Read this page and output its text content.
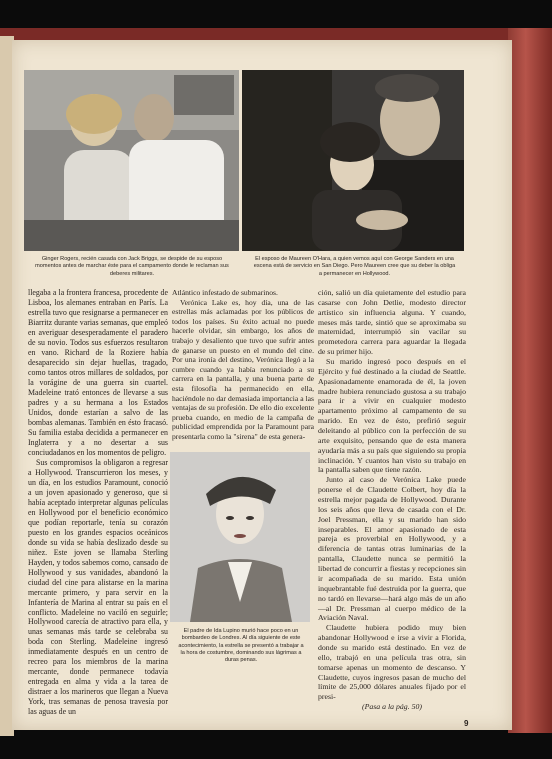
Ginger Rogers, recién casada con Jack Briggs, se despide de su esposo momentos antes de marchar éste para el campamento donde le reclaman sus deberes militares.
El esposo de Maureen O'Hara, a quien vemos aquí con George Sanders en una escena está de servicio en San Diego. Pero Maureen cree que su deber la obliga a permanecer en Hollywood.

llegaba a la frontera francesa, procedente de Lisboa, los alemanes entraban en París. La estrella tuvo que resignarse a permanecer en Biarritz durante varias semanas, que empleó en averiguar desesperadamente el paradero de su novio. Todos sus esfuerzos resultaron en vano. Richard de la Roziere había desaparecido sin dejar huellas, tragado, como tantos otros millares de soldados, por la vorágine de una guerra sin cuartel. Madeleine trató entonces de llevarse a sus padres y a su hermana a los Estados Unidos, donde estarían a salvo de las bombas alemanas. También en ésto fracasó. Su familia estaba decidida a permanecer en Inglaterra y a no desertar a sus conciudadanos en los momentos de peligro.

Sus compromisos la obligaron a regresar a Hollywood. Transcurrieron los meses, y un día, en los estudios Paramount, conoció a un joven apasionado y generoso, que si había aceptado interpretar algunas películas en Hollywood por el beneficio económico que podían reportarle, tenía su corazón puesto en los grandes espacios oceánicos donde su vida se había deslizado desde su niñez. Este joven se llamaba Sterling Hayden, y todos sabemos como, cansado de Hollywood y sus vanidades, abandonó la ciudad del cine para alistarse en la marina mercante primero, y para servir en la Infantería de Marina al entrar su país en el conflicto. Madeleine no vaciló en seguirle; Hollywood carecía de atractivo para ella, y unas semanas más tarde se celebraba su boda con Sterling. Madeleine ingresó inmediatamente después en un centro de recreo para los miembros de la marina mercante, donde permanece todavía entregada en alma y vida a la tarea de distraer a los marineros que llegan a Nueva York, tras semanas de penosa travesía por las aguas de un

Atlántico infestado de submarinos.

Verónica Lake es, hoy día, una de las estrellas más aclamadas por los públicos de todos los países. Su éxito actual no puede hacerle olvidar, sin embargo, los años de trabajo y desaliento que tuvo que sufrir antes de ganarse un puesto en el mundo del cine. Por una ironía del destino, Verónica llegó a la cumbre cuando ya había renunciado a su carrera en la pantalla, y una buena parte de esta filosofía ha permanecido en ella, haciéndole no dar demasiada importancia a las ventajas de su profesión. De ello dio excelente prueba cuando, en medio de la campaña de publicidad emprendida por la Paramount para presentarla como la "sirena" de esta genera-

El padre de Ida Lupino murió hace poco en un bombardeo de Londres. Al día siguiente de este acontecimiento, la estrella se presentó a trabajar a la hora de costumbre, dominando sus lágrimas a duras penas.

ción, salió un día quietamente del estudio para casarse con John Detlie, modesto director artístico sin influencia alguna. Y cuando, meses más tarde, sintió que se aproximaba su maternidad, interrumpió sin vacilar su prometedora carrera para aguardar la llegada de su primer hijo.

Su marido ingresó poco después en el Ejército y fué destinado a la ciudad de Seattle. Apasionadamente enamorada de él, la joven madre hubiera renunciado gustosa a su trabajo para ir a vivir en cualquier modesto apartamento próximo al campamento de su marido. En vez de ésto, prefirió seguir deleitando al público con la perfección de su arte exquisito, pensando que de esta manera ayudaría más a su país que siguiendo su propia inclinación. Y cuantos han visto su trabajo en la pantalla saben que tiene razón.

Junto al caso de Verónica Lake puede ponerse el de Claudette Colbert, hoy día la estrella mejor pagada de Hollywood. Durante los seis años que lleva de casada con el Dr. Joel Pressman, ella y su marido han sido inseparables. El amor apasionado de esta pareja es proverbial en Hollywood, y a diferencia de tantas otras luminarias de la pantalla, Claudette nunca se permitió la libertad de concurrir a fiestas y recepciones sin ir acompañada de su marido. Esta unión inquebrantable fué destruida por la guerra, que no tardó en llevarse—hará algo más de un año—al Dr. Pressman al cuerpo médico de la Aviación Naval.

Claudette hubiera podido muy bien abandonar Hollywood e irse a vivir a Florida, donde su marido está destinado. En vez de ello, trabajó en una película tras otra, sin tomarse apenas un momento de descanso. Y Claudette, cuyos ingresos pasan de mucho del límite de 25,000 dólares anuales fijado por el presi-

(Pasa a la pág. 50)

9
